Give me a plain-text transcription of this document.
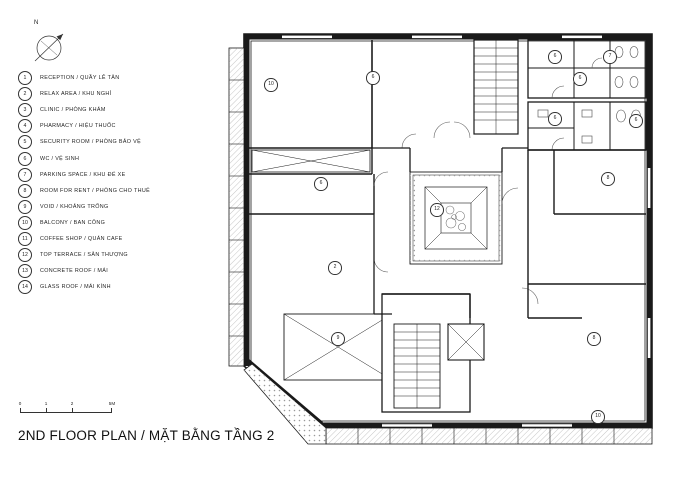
N
1	RECEPTION / QUẦY LỄ TÂN
2	RELAX AREA / KHU NGHỈ
3	CLINIC / PHÒNG KHÁM
4	PHARMACY / HIỆU THUỐC
5	SECURITY ROOM / PHÒNG BẢO VỆ
6	WC / VỆ SINH
7	PARKING SPACE / KHU ĐỂ XE
8	ROOM FOR RENT / PHÒNG CHO THUÊ
9	VOID / KHOẢNG TRỐNG
10	BALCONY / BAN CÔNG
11	COFFEE SHOP / QUÁN CAFE
12	TOP TERRACE / SÂN THƯỢNG
13	CONCRETE ROOF / MÁI
14	GLASS ROOF / MÁI KÍNH
0	1	2	5M
2ND FLOOR PLAN / MẶT BẰNG TẦNG 2
10
6
6
6
6
7
6
8
6
12
2
9	8
10
